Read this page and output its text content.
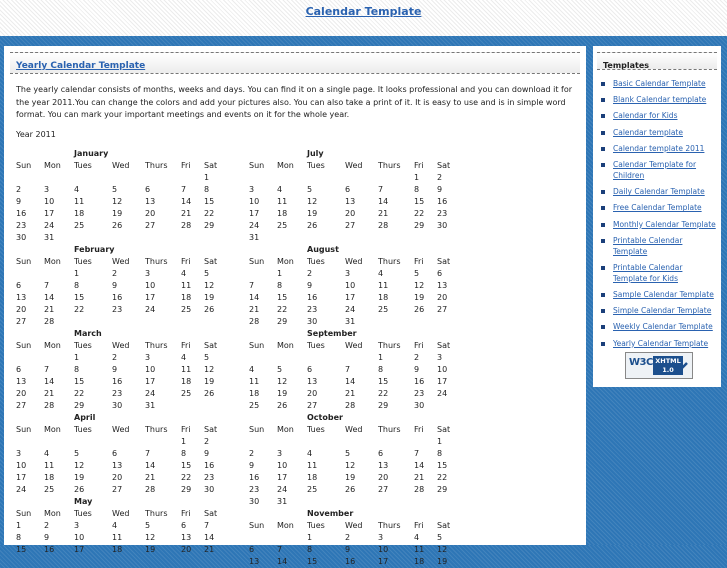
Calendar Template
Yearly Calendar Template

The yearly calendar consists of months, weeks and days. You can find it on a single page. It looks professional and you can download it for the year 2011.You can change the colors and add your pictures also. You can also take a print of it. It is easy to use and is in simple word format. You can mark your important meetings and events on it for the whole year.

Year 2011
January						
Sun	Mon	Tues	Wed	Thurs	Fri	Sat
						1
2	3	4	5	6	7	8
9	10	11	12	13	14	15
16	17	18	19	20	21	22
23	24	25	26	27	28	29
30	31					
February						
Sun	Mon	Tues	Wed	Thurs	Fri	Sat
		1	2	3	4	5
6	7	8	9	10	11	12
13	14	15	16	17	18	19
20	21	22	23	24	25	26
27	28					
March						
Sun	Mon	Tues	Wed	Thurs	Fri	Sat
		1	2	3	4	5
6	7	8	9	10	11	12
13	14	15	16	17	18	19
20	21	22	23	24	25	26
27	28	29	30	31		
April						
Sun	Mon	Tues	Wed	Thurs	Fri	Sat
					1	2
3	4	5	6	7	8	9
10	11	12	13	14	15	16
17	18	19	20	21	22	23
24	25	26	27	28	29	30
May						
Sun	Mon	Tues	Wed	Thurs	Fri	Sat
1	2	3	4	5	6	7
8	9	10	11	12	13	14
15	16	17	18	19	20	21
July						
Sun	Mon	Tues	Wed	Thurs	Fri	Sat
					1	2
3	4	5	6	7	8	9
10	11	12	13	14	15	16
17	18	19	20	21	22	23
24	25	26	27	28	29	30
31						
August						
Sun	Mon	Tues	Wed	Thurs	Fri	Sat
	1	2	3	4	5	6
7	8	9	10	11	12	13
14	15	16	17	18	19	20
21	22	23	24	25	26	27
28	29	30	31			
September						
Sun	Mon	Tues	Wed	Thurs	Fri	Sat
				1	2	3
4	5	6	7	8	9	10
11	12	13	14	15	16	17
18	19	20	21	22	23	24
25	26	27	28	29	30	
October						
Sun	Mon	Tues	Wed	Thurs	Fri	Sat
						1
2	3	4	5	6	7	8
9	10	11	12	13	14	15
16	17	18	19	20	21	22
23	24	25	26	27	28	29
30	31					
November						
Sun	Mon	Tues	Wed	Thurs	Fri	Sat
		1	2	3	4	5
6	7	8	9	10	11	12
13	14	15	16	17	18	19
Templates
Basic Calendar Template
Blank Calendar template
Calendar for Kids
Calendar template
Calendar template 2011
Calendar Template for Children
Daily Calendar Template
Free Calendar Template
Monthly Calendar Template
Printable Calendar Template
Printable Calendar Template for Kids
Sample Calendar Template
Simple Calendar Template
Weekly Calendar Template
Yearly Calendar Template
W3C XHTML
1.0
